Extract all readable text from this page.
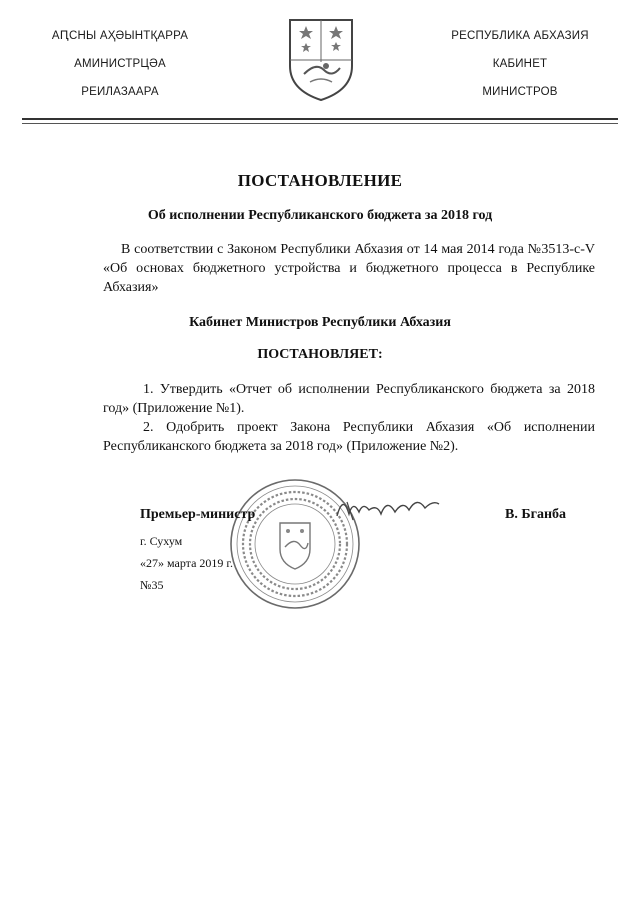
АԤСНЫ АҲӘЫНТҚАРРА
АМИНИСТРЦӘА
РЕИЛАЗААРА
РЕСПУБЛИКА АБХАЗИЯ
КАБИНЕТ
МИНИСТРОВ
ПОСТАНОВЛЕНИЕ
Об исполнении Республиканского бюджета за 2018 год
В соответствии с Законом Республики Абхазия от 14 мая 2014 года №3513-с-V «Об основах бюджетного устройства и бюджетного процесса в Республике Абхазия»
Кабинет Министров Республики Абхазия
ПОСТАНОВЛЯЕТ:
1. Утвердить «Отчет об исполнении Республиканского бюджета за 2018 год» (Приложение №1).
2. Одобрить проект Закона Республики Абхазия «Об исполнении Республиканского бюджета за 2018 год» (Приложение №2).
Премьер-министр	В. Бганба
г. Сухум
«27» марта 2019 г.
№35
